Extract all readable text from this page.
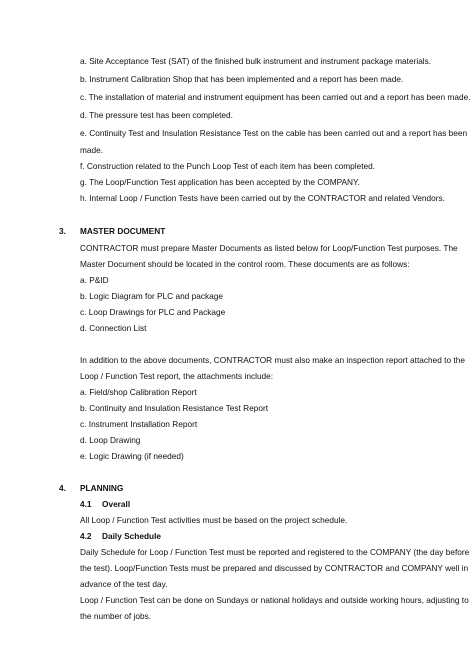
a. Site Acceptance Test (SAT) of the finished bulk instrument and instrument package materials.
b. Instrument Calibration Shop that has been implemented and a report has been made.
c. The installation of material and instrument equipment has been carried out and a report has been made.
d. The pressure test has been completed.
e. Continuity Test and Insulation Resistance Test on the cable has been carried out and a report has been
made.
f. Construction related to the Punch Loop Test of each item has been completed.
g. The Loop/Function Test application has been accepted by the COMPANY.
h. Internal Loop / Function Tests have been carried out by the CONTRACTOR and related Vendors.
3. MASTER DOCUMENT
CONTRACTOR must prepare Master Documents as listed below for Loop/Function Test purposes. The
Master Document should be located in the control room. These documents are as follows:
a. P&ID
b. Logic Diagram for PLC and package
c. Loop Drawings for PLC and Package
d. Connection List
In addition to the above documents, CONTRACTOR must also make an inspection report attached to the
Loop / Function Test report, the attachments include:
a. Field/shop Calibration Report
b. Continuity and Insulation Resistance Test Report
c. Instrument Installation Report
d. Loop Drawing
e. Logic Drawing (if needed)
4. PLANNING
4.1 Overall
All Loop / Function Test activities must be based on the project schedule.
4.2 Daily Schedule
Daily Schedule for Loop / Function Test must be reported and registered to the COMPANY (the day before
the test). Loop/Function Tests must be prepared and discussed by CONTRACTOR and COMPANY well in
advance of the test day.
Loop / Function Test can be done on Sundays or national holidays and outside working hours, adjusting to
the number of jobs.
